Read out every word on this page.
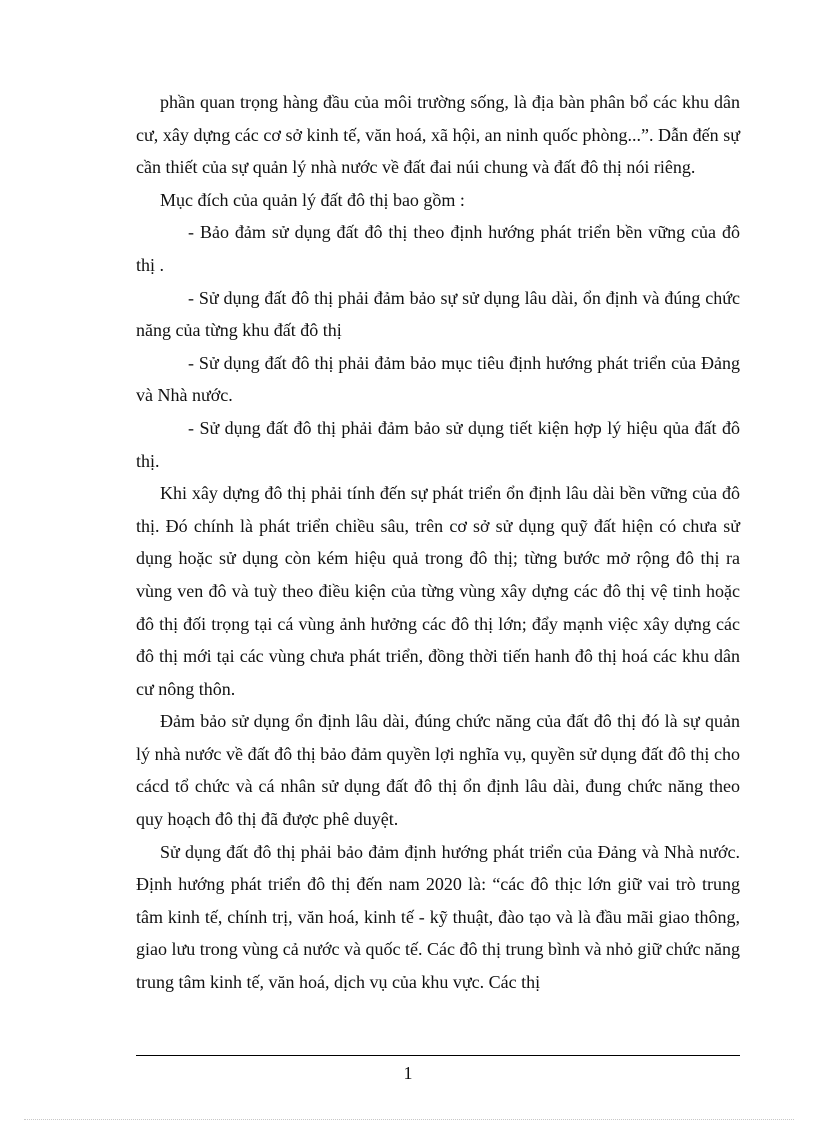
phần quan trọng hàng đầu của môi trường sống, là địa bàn phân bổ các khu dân cư, xây dựng các cơ sở kinh tế, văn hoá, xã hội, an ninh quốc phòng...”. Dẫn đến sự cần thiết của sự quản lý nhà nước về đất đai núi chung và đất đô thị nói riêng.

Mục đích của quản lý đất đô thị bao gồm :

- Bảo đảm sử dụng đất đô thị theo định hướng phát triển bền vững của đô thị .

- Sử dụng đất đô thị phải đảm bảo sự sử dụng lâu dài, ổn định và đúng chức năng của từng khu đất đô thị

- Sử dụng đất đô thị phải đảm bảo mục tiêu định hướng phát triển của Đảng và Nhà nước.

- Sử dụng đất đô thị phải đảm bảo sử dụng tiết kiện hợp lý hiệu qủa đất đô thị.

Khi xây dựng đô thị phải tính đến sự phát triển ổn định lâu dài bền vững của đô thị. Đó chính là phát triển chiều sâu, trên cơ sở sử dụng quỹ đất hiện có chưa sử dụng hoặc sử dụng còn kém hiệu quả trong đô thị; từng bước mở rộng đô thị ra vùng ven đô và tuỳ theo điều kiện của từng vùng xây dựng các đô thị vệ tinh hoặc đô thị đối trọng tại cá vùng ảnh hưởng các đô thị lớn; đẩy mạnh việc xây dựng các đô thị mới tại các vùng chưa phát triển, đồng thời tiến hanh đô thị hoá các khu dân cư nông thôn.

Đảm bảo sử dụng ổn định lâu dài, đúng chức năng của đất đô thị đó là sự quản lý nhà nước về đất đô thị bảo đảm quyền lợi nghĩa vụ, quyền sử dụng đất đô thị cho cácd tổ chức và cá nhân sử dụng đất đô thị ổn định lâu dài, đung chức năng theo quy hoạch đô thị đã được phê duyệt.

Sử dụng đất đô thị phải bảo đảm định hướng phát triển của Đảng và Nhà nước. Định hướng phát triển đô thị đến nam 2020 là: “các đô thịc lớn giữ vai trò trung tâm kinh tế, chính trị, văn hoá, kinh tế - kỹ thuật, đào tạo và là đầu mãi giao thông, giao lưu trong vùng cả nước và quốc tế. Các đô thị trung bình và nhỏ giữ chức năng trung tâm kinh tế, văn hoá, dịch vụ của khu vực. Các thị

1
